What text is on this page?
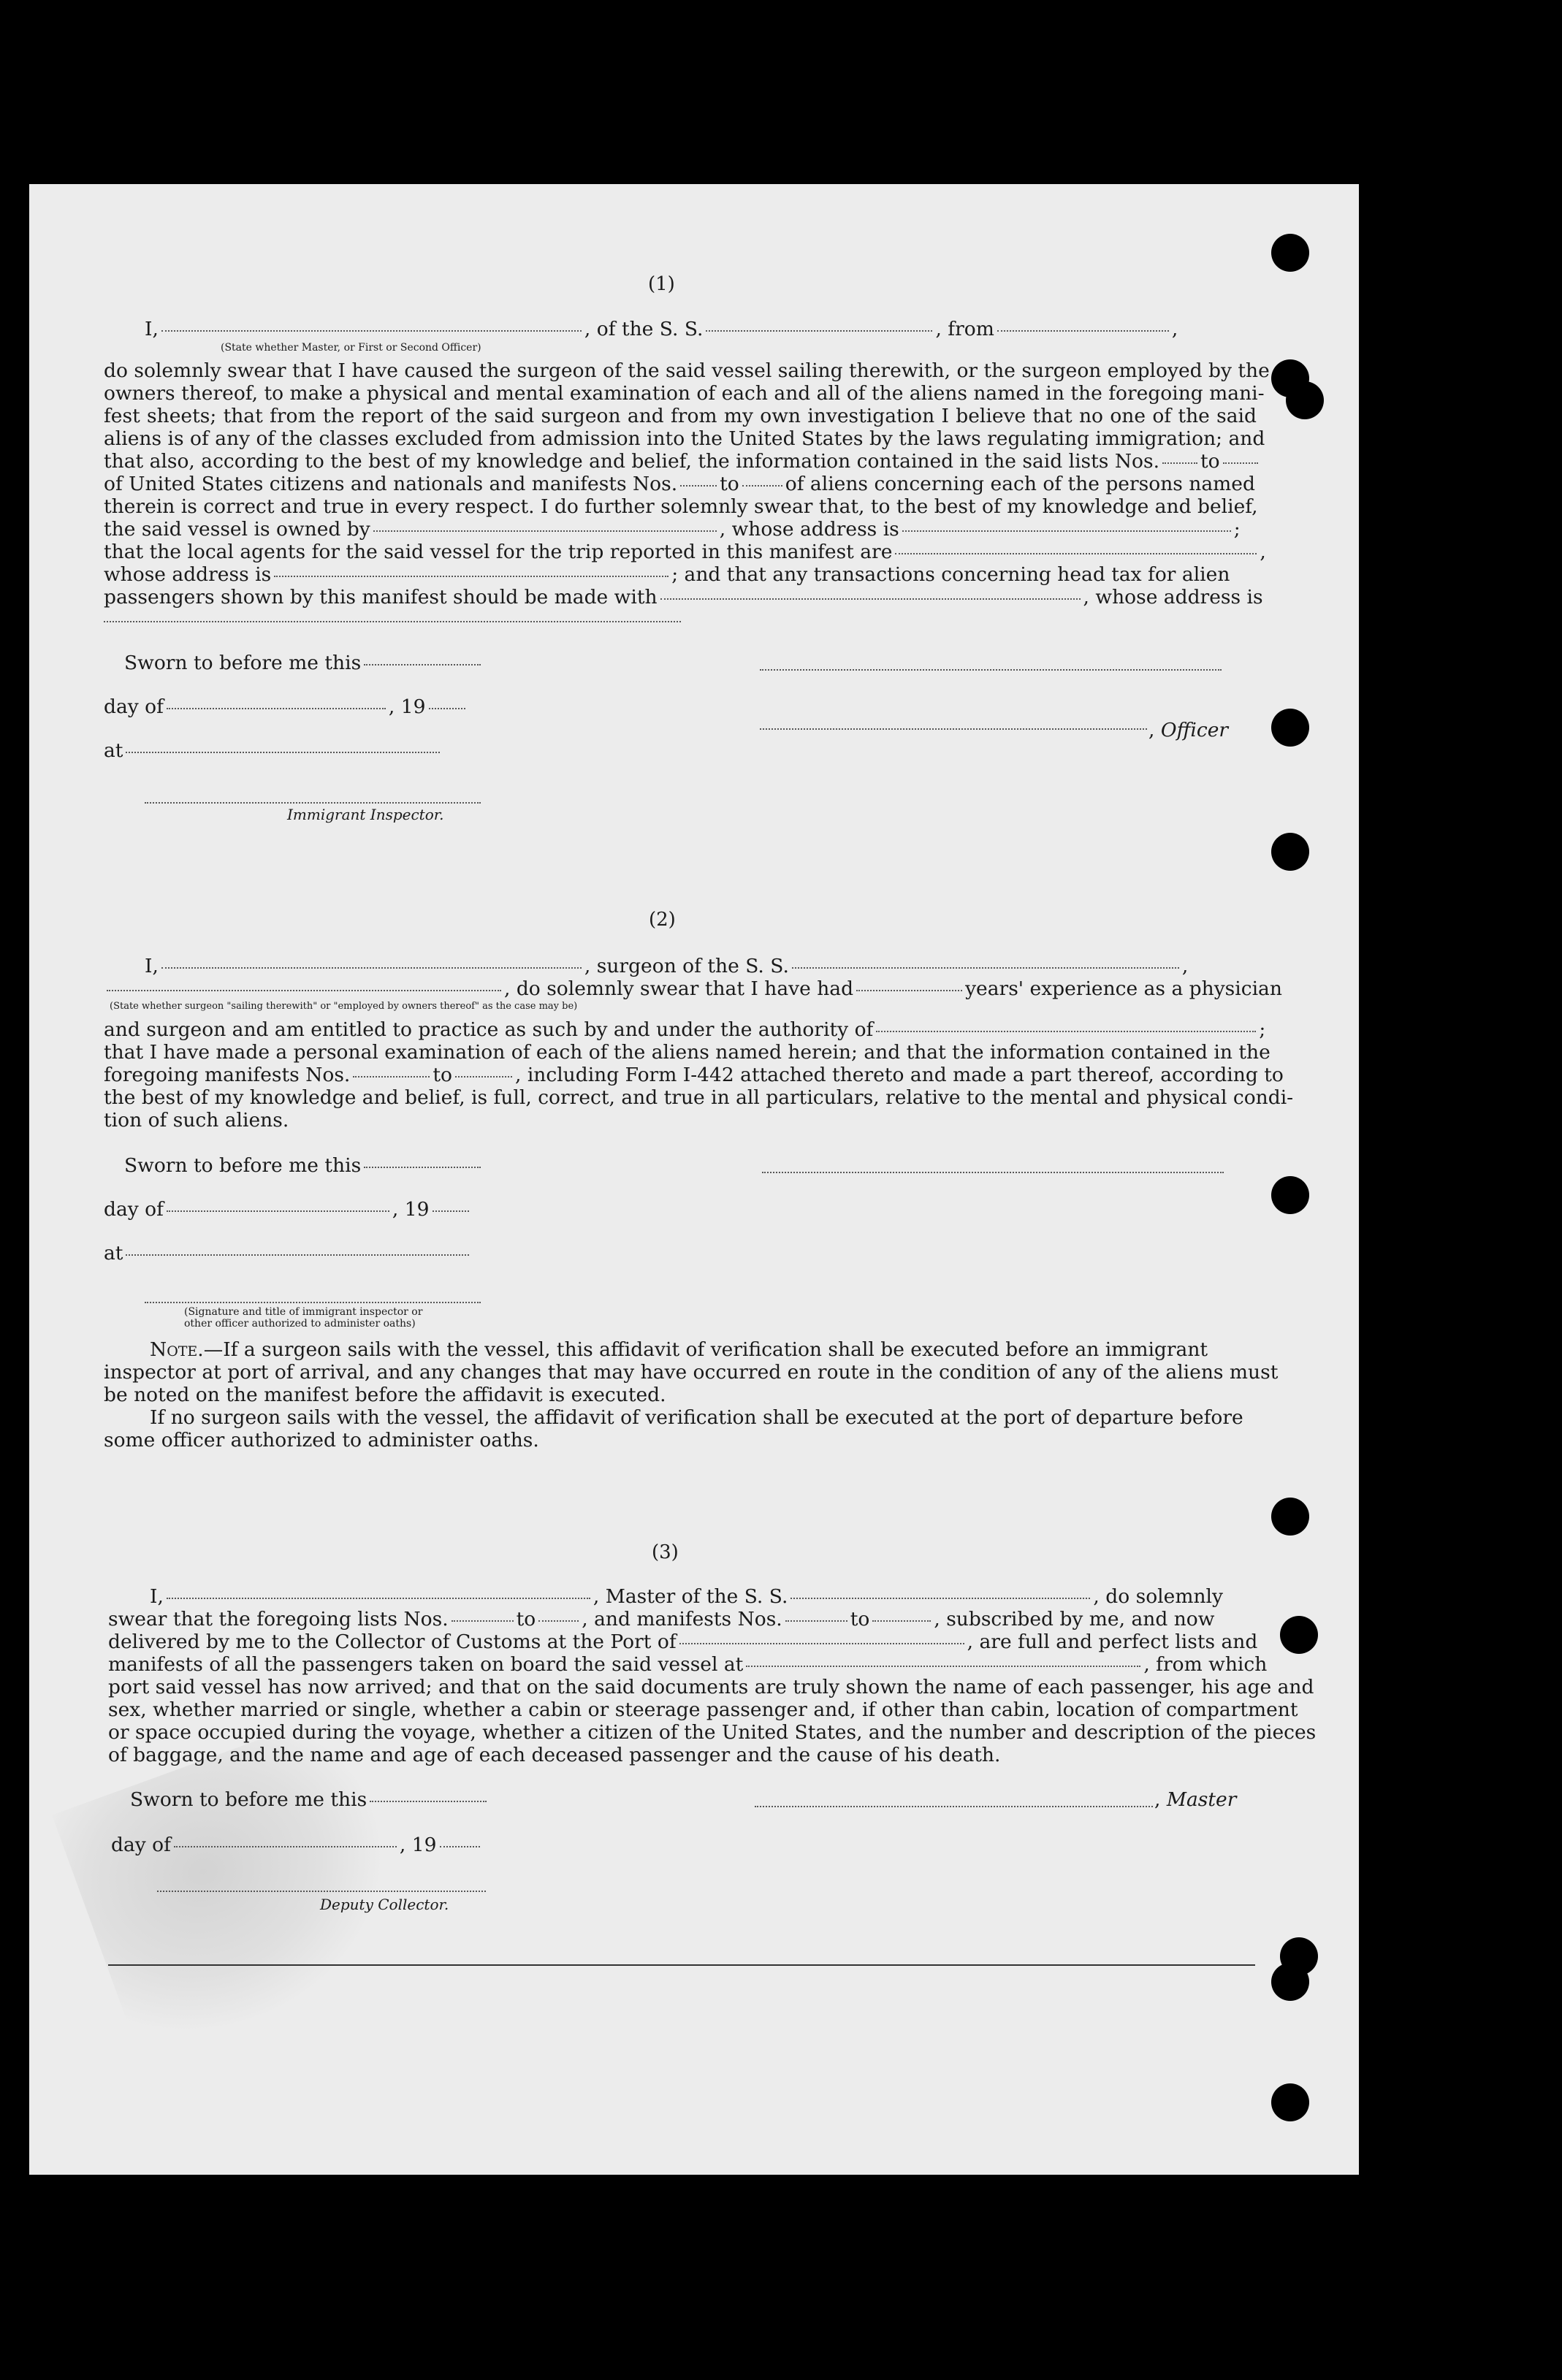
(1)
I,	, of the S. S.	, from	,
(State whether Master, or First or Second Officer)
do solemnly swear that I have caused the surgeon of the said vessel sailing therewith, or the surgeon employed by the
owners thereof, to make a physical and mental examination of each and all of the aliens named in the foregoing mani-
fest sheets; that from the report of the said surgeon and from my own investigation I believe that no one of the said
aliens is of any of the classes excluded from admission into the United States by the laws regulating immigration; and
that also, according to the best of my knowledge and belief, the information contained in the said lists Nos. to
of United States citizens and nationals and manifests Nos. to of aliens concerning each of the persons named
therein is correct and true in every respect. I do further solemnly swear that, to the best of my knowledge and belief,
the said vessel is owned by	, whose address is	;
that the local agents for the said vessel for the trip reported in this manifest are	,
whose address is	; and that any transactions concerning head tax for alien
passengers shown by this manifest should be made with	, whose address is
Sworn to before me this
day of	, 19
, Officer
at
Immigrant Inspector.
(2)
I,	, surgeon of the S. S.	,
, do solemnly swear that I have had	years' experience as a physician
(State whether surgeon "sailing therewith" or "employed by owners thereof" as the case may be)
and surgeon and am entitled to practice as such by and under the authority of	;
that I have made a personal examination of each of the aliens named herein; and that the information contained in the
foregoing manifests Nos.	to	, including Form I-442 attached thereto and made a part thereof, according to
the best of my knowledge and belief, is full, correct, and true in all particulars, relative to the mental and physical condi-
tion of such aliens.
Sworn to before me this
day of	, 19
at
(Signature and title of immigrant inspector or
other officer authorized to administer oaths)
Note.—If a surgeon sails with the vessel, this affidavit of verification shall be executed before an immigrant
inspector at port of arrival, and any changes that may have occurred en route in the condition of any of the aliens must
be noted on the manifest before the affidavit is executed.
If no surgeon sails with the vessel, the affidavit of verification shall be executed at the port of departure before
some officer authorized to administer oaths.
(3)
I,	, Master of the S. S.	, do solemnly
swear that the foregoing lists Nos.	to , and manifests Nos.	to	, subscribed by me, and now
delivered by me to the Collector of Customs at the Port of	, are full and perfect lists and
manifests of all the passengers taken on board the said vessel at	, from which
port said vessel has now arrived; and that on the said documents are truly shown the name of each passenger, his age and
sex, whether married or single, whether a cabin or steerage passenger and, if other than cabin, location of compartment
or space occupied during the voyage, whether a citizen of the United States, and the number and description of the pieces
of baggage, and the name and age of each deceased passenger and the cause of his death.
Sworn to before me this	, Master
day of	, 19
Deputy Collector.
